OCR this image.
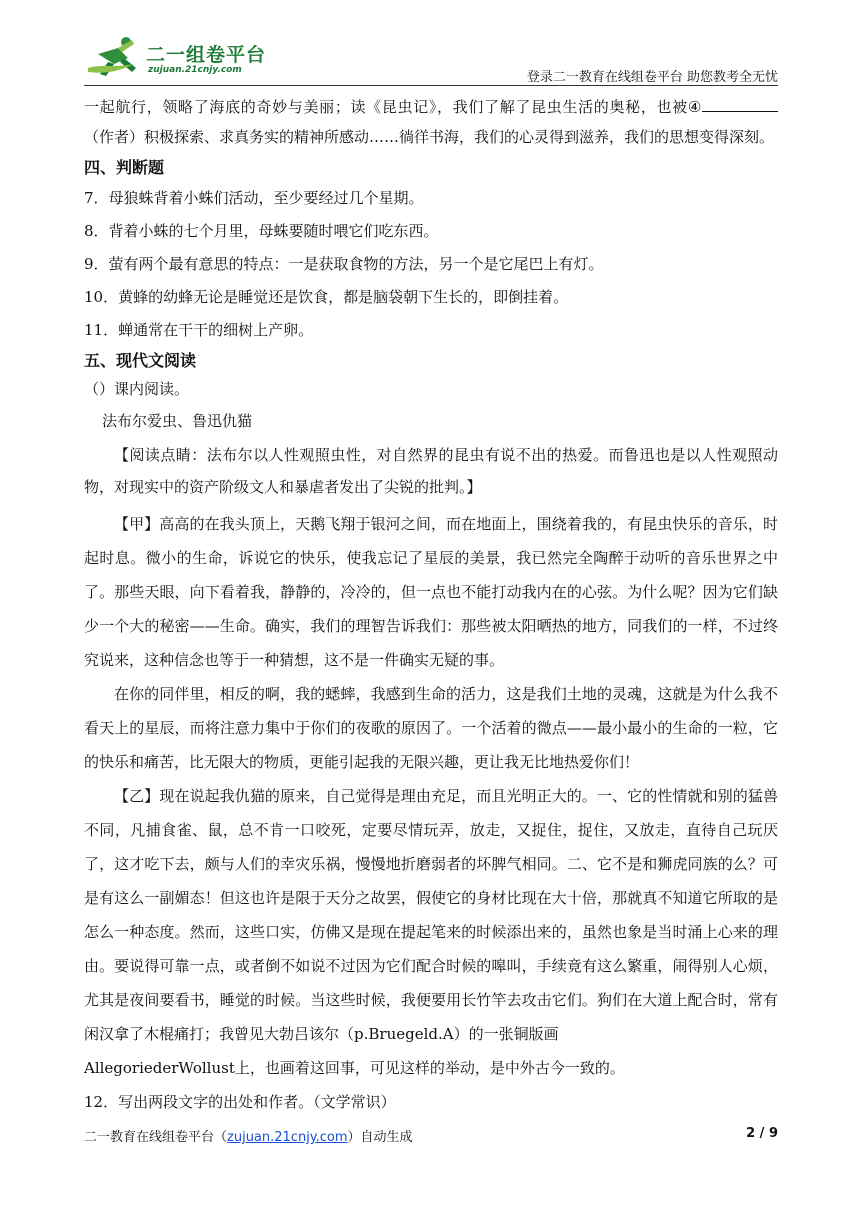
二一组卷平台
zujuan.21cnjy.com	登录二一教育在线组卷平台 助您教考全无忧

一起航行，领略了海底的奇妙与美丽；读《昆虫记》，我们了解了昆虫生活的奥秘，也被④（作者）积极探索、求真务实的精神所感动……徜徉书海，我们的心灵得到滋养，我们的思想变得深刻。

四、判断题

7．母狼蛛背着小蛛们活动，至少要经过几个星期。

8．背着小蛛的七个月里，母蛛要随时喂它们吃东西。

9．萤有两个最有意思的特点：一是获取食物的方法，另一个是它尾巴上有灯。

10．黄蜂的幼蜂无论是睡觉还是饮食，都是脑袋朝下生长的，即倒挂着。

11．蝉通常在干干的细树上产卵。

五、现代文阅读

（）课内阅读。

法布尔爱虫、鲁迅仇猫

【阅读点睛：法布尔以人性观照虫性，对自然界的昆虫有说不出的热爱。而鲁迅也是以人性观照动物，对现实中的资产阶级文人和暴虐者发出了尖锐的批判。】

【甲】高高的在我头顶上，天鹅飞翔于银河之间，而在地面上，围绕着我的，有昆虫快乐的音乐，时起时息。微小的生命，诉说它的快乐，使我忘记了星辰的美景，我已然完全陶醉于动听的音乐世界之中了。那些天眼，向下看着我，静静的，冷冷的，但一点也不能打动我内在的心弦。为什么呢？因为它们缺少一个大的秘密——生命。确实，我们的理智告诉我们：那些被太阳晒热的地方，同我们的一样，不过终究说来，这种信念也等于一种猜想，这不是一件确实无疑的事。

在你的同伴里，相反的啊，我的蟋蟀，我感到生命的活力，这是我们土地的灵魂，这就是为什么我不看天上的星辰，而将注意力集中于你们的夜歌的原因了。一个活着的微点——最小最小的生命的一粒，它的快乐和痛苦，比无限大的物质，更能引起我的无限兴趣，更让我无比地热爱你们！

【乙】现在说起我仇猫的原来，自己觉得是理由充足，而且光明正大的。一、它的性情就和别的猛兽不同，凡捕食雀、鼠，总不肯一口咬死，定要尽情玩弄，放走，又捉住，捉住，又放走，直待自己玩厌了，这才吃下去，颇与人们的幸灾乐祸，慢慢地折磨弱者的坏脾气相同。二、它不是和狮虎同族的么？可是有这么一副媚态！但这也许是限于天分之故罢，假使它的身材比现在大十倍，那就真不知道它所取的是怎么一种态度。然而，这些口实，仿佛又是现在提起笔来的时候添出来的，虽然也象是当时涌上心来的理由。要说得可靠一点，或者倒不如说不过因为它们配合时候的嗥叫，手续竟有这么繁重，闹得别人心烦，尤其是夜间要看书，睡觉的时候。当这些时候，我便要用长竹竿去攻击它们。狗们在大道上配合时，常有闲汉拿了木棍痛打；我曾见大勃吕该尔（p.Bruegeld.A）的一张铜版画

AllegoriederWollust上，也画着这回事，可见这样的举动，是中外古今一致的。

12．写出两段文字的出处和作者。（文学常识）

二一教育在线组卷平台（zujuan.21cnjy.com）自动生成	2 / 9
